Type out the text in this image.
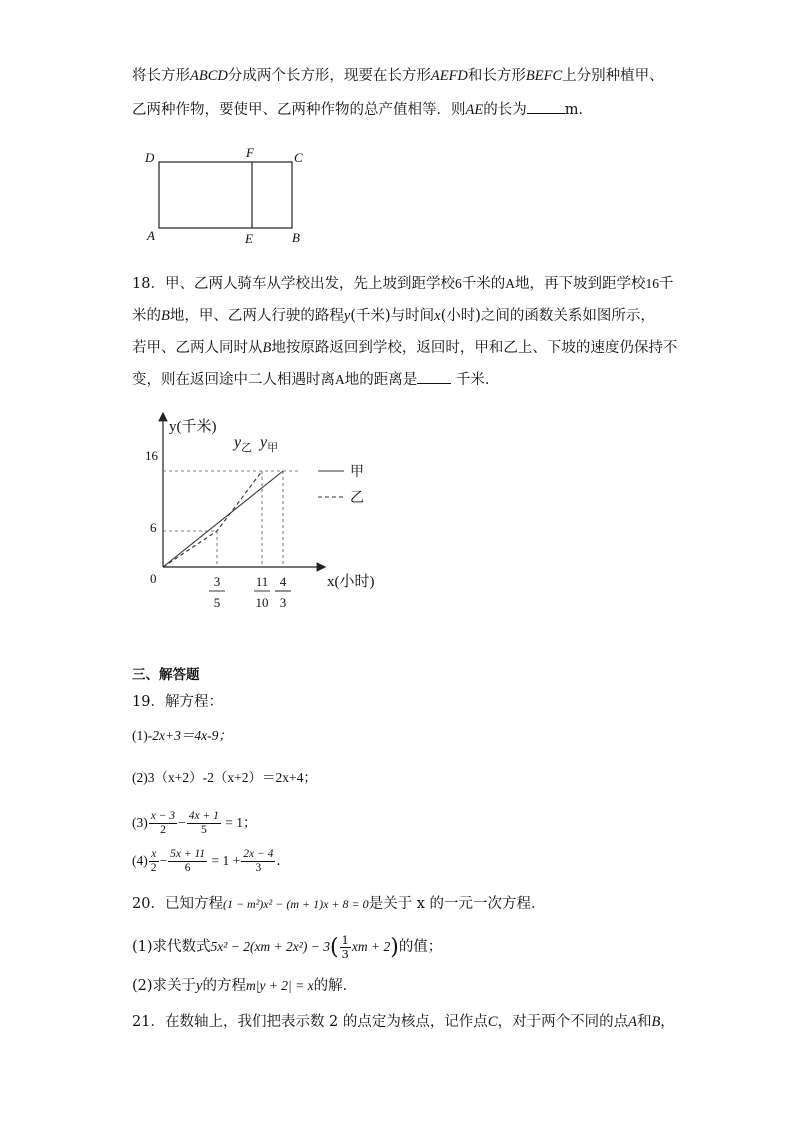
将长方形ABCD分成两个长方形，现要在长方形AEFD和长方形BEFC上分别种植甲、
乙两种作物，要使甲、乙两种作物的总产值相等．则AE的长为	m．
D	F	C
A	E	B
18．甲、乙两人骑车从学校出发，先上坡到距学校6千米的A地，再下坡到距学校16千
米的B地，甲、乙两人行驶的路程y(千米)与时间x(小时)之间的函数关系如图所示，
若甲、乙两人同时从B地按原路返回到学校，返回时，甲和乙上、下坡的速度仍保持不
变，则在返回途中二人相遇时离A地的距离是	千米．
y(千米)
x(小时)
16
6
0	3
5
11
10
4
3
甲
乙
$y_乙$ $y_甲$
三、解答题
19．解方程：
(1)-2x+3＝4x-9；
(2)3（x+2）-2（x+2）＝2x+4；
$(3) \frac{x - 3}{2} - \frac{4x + 1}{5} = 1$；
$(4) \frac{x}{2} - \frac{5x + 11}{6} = 1 + \frac{2x - 4}{3}$ ．
20．已知方程(1 − m²)x² − (m + 1)x + 8 = 0是关于 x 的一元一次方程．
(1)求代数式$5x^2 - 2(xm + 2x^2) - 3( \frac{1}{3}$ xm + 2)的值；
(2)求关于y的方程m|y + 2| = x的解．
21．在数轴上，我们把表示数 2 的点定为核点，记作点C，对于两个不同的点A和B，
